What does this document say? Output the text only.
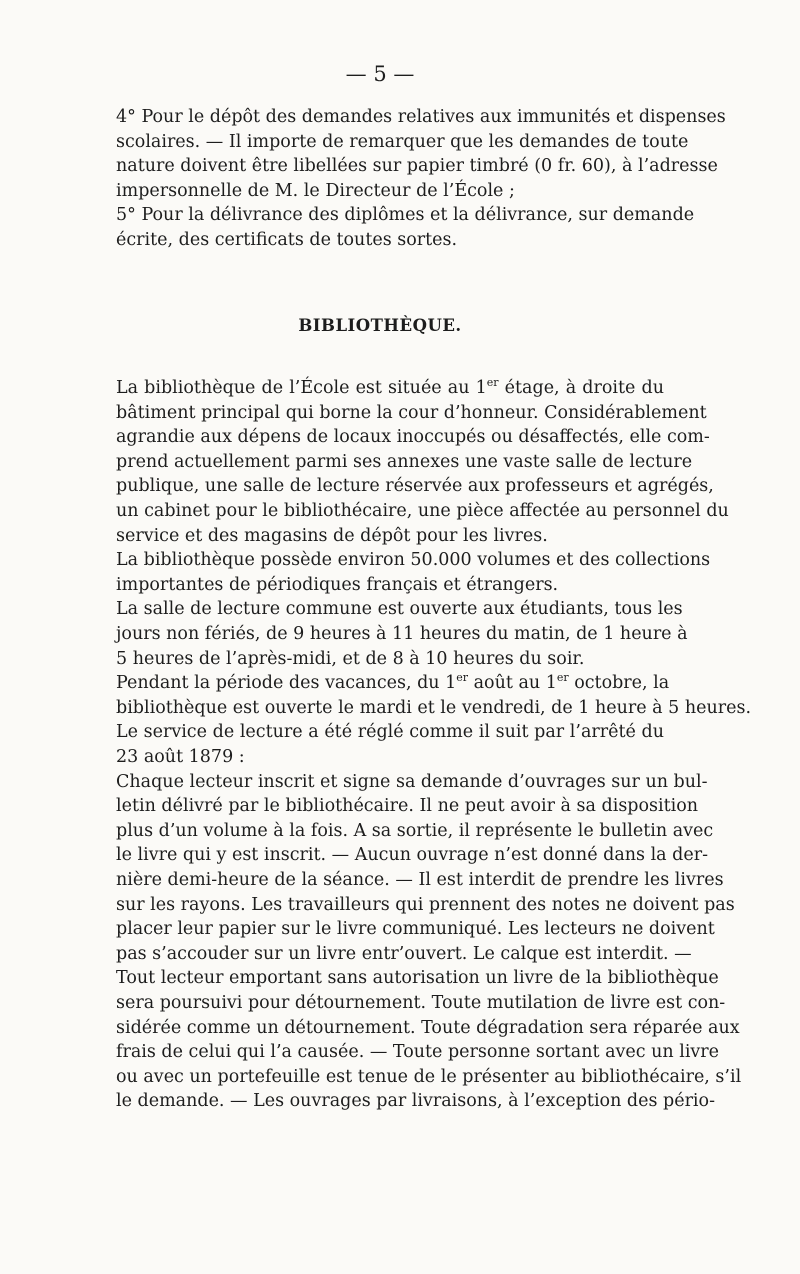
— 5 —
4° Pour le dépôt des demandes relatives aux immunités et dispenses
scolaires. — Il importe de remarquer que les demandes de toute
nature doivent être libellées sur papier timbré (0 fr. 60), à l’adresse
impersonnelle de M. le Directeur de l’École ;
5° Pour la délivrance des diplômes et la délivrance, sur demande
écrite, des certificats de toutes sortes.
BIBLIOTHÈQUE.
La bibliothèque de l’École est située au 1er étage, à droite du
bâtiment principal qui borne la cour d’honneur. Considérablement
agrandie aux dépens de locaux inoccupés ou désaffectés, elle com-
prend actuellement parmi ses annexes une vaste salle de lecture
publique, une salle de lecture réservée aux professeurs et agrégés,
un cabinet pour le bibliothécaire, une pièce affectée au personnel du
service et des magasins de dépôt pour les livres.
La bibliothèque possède environ 50.000 volumes et des collections
importantes de périodiques français et étrangers.
La salle de lecture commune est ouverte aux étudiants, tous les
jours non fériés, de 9 heures à 11 heures du matin, de 1 heure à
5 heures de l’après-midi, et de 8 à 10 heures du soir.
Pendant la période des vacances, du 1er août au 1er octobre, la
bibliothèque est ouverte le mardi et le vendredi, de 1 heure à 5 heures.
Le service de lecture a été réglé comme il suit par l’arrêté du
23 août 1879 :
Chaque lecteur inscrit et signe sa demande d’ouvrages sur un bul-
letin délivré par le bibliothécaire. Il ne peut avoir à sa disposition
plus d’un volume à la fois. A sa sortie, il représente le bulletin avec
le livre qui y est inscrit. — Aucun ouvrage n’est donné dans la der-
nière demi-heure de la séance. — Il est interdit de prendre les livres
sur les rayons. Les travailleurs qui prennent des notes ne doivent pas
placer leur papier sur le livre communiqué. Les lecteurs ne doivent
pas s’accouder sur un livre entr’ouvert. Le calque est interdit. —
Tout lecteur emportant sans autorisation un livre de la bibliothèque
sera poursuivi pour détournement. Toute mutilation de livre est con-
sidérée comme un détournement. Toute dégradation sera réparée aux
frais de celui qui l’a causée. — Toute personne sortant avec un livre
ou avec un portefeuille est tenue de le présenter au bibliothécaire, s’il
le demande. — Les ouvrages par livraisons, à l’exception des pério-
